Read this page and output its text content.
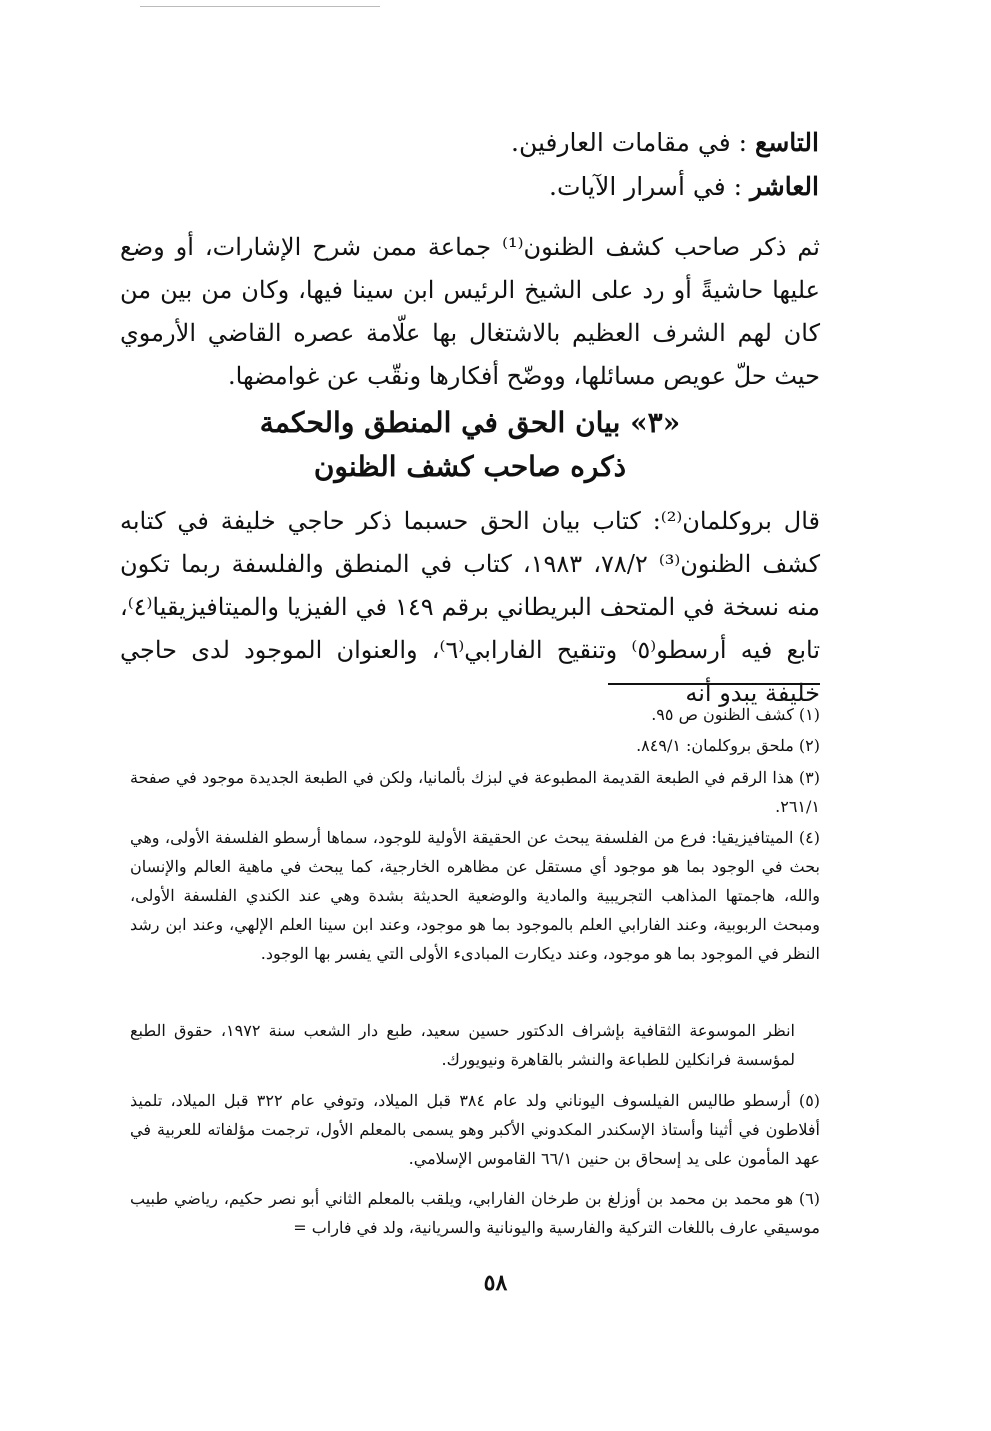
التاسع : في مقامات العارفين.
العاشر : في أسرار الآيات.
ثم ذكر صاحب كشف الظنون⁽¹⁾ جماعة ممن شرح الإشارات، أو وضع عليها حاشيةً أو رد على الشيخ الرئيس ابن سينا فيها، وكان من بين من كان لهم الشرف العظيم بالاشتغال بها علّامة عصره القاضي الأرموي حيث حلّ عويص مسائلها، ووضّح أفكارها ونقّب عن غوامضها.
«٣» بيان الحق في المنطق والحكمة
ذكره صاحب كشف الظنون
قال بروكلمان⁽²⁾: كتاب بيان الحق حسبما ذكر حاجي خليفة في كتابه كشف الظنون⁽³⁾ ٧٨/٢، ١٩٨٣، كتاب في المنطق والفلسفة ربما تكون منه نسخة في المتحف البريطاني برقم ١٤٩ في الفيزيا والميتافيزيقيا⁽٤⁾، تابع فيه أرسطو⁽٥⁾ وتنقيح الفارابي⁽٦⁾، والعنوان الموجود لدى حاجي خليفة يبدو أنه
(١) كشف الظنون ص ٩٥.
(٢) ملحق بروكلمان: ٨٤٩/١.
(٣) هذا الرقم في الطبعة القديمة المطبوعة في لبزك بألمانيا، ولكن في الطبعة الجديدة موجود في صفحة ٢٦١/١.
(٤) الميتافيزيقيا: فرع من الفلسفة يبحث عن الحقيقة الأولية للوجود، سماها أرسطو الفلسفة الأولى، وهي بحث في الوجود بما هو موجود أي مستقل عن مظاهره الخارجية، كما يبحث في ماهية العالم والإنسان والله، هاجمتها المذاهب التجريبية والمادية والوضعية الحديثة بشدة وهي عند الكندي الفلسفة الأولى، ومبحث الربوبية، وعند الفارابي العلم بالموجود بما هو موجود، وعند ابن سينا العلم الإلهي، وعند ابن رشد النظر في الموجود بما هو موجود، وعند ديكارت المبادىء الأولى التي يفسر بها الوجود.
انظر الموسوعة الثقافية بإشراف الدكتور حسين سعيد، طبع دار الشعب سنة ١٩٧٢، حقوق الطبع لمؤسسة فرانكلين للطباعة والنشر بالقاهرة ونيويورك.
(٥) أرسطو طاليس الفيلسوف اليوناني ولد عام ٣٨٤ قبل الميلاد، وتوفي عام ٣٢٢ قبل الميلاد، تلميذ أفلاطون في أثينا وأستاذ الإسكندر المكدوني الأكبر وهو يسمى بالمعلم الأول، ترجمت مؤلفاته للعربية في عهد المأمون على يد إسحاق بن حنين ٦٦/١ القاموس الإسلامي.
(٦) هو محمد بن محمد بن أوزلغ بن طرخان الفارابي، ويلقب بالمعلم الثاني أبو نصر حكيم، رياضي طبيب موسيقي عارف باللغات التركية والفارسية واليونانية والسريانية، ولد في فاراب =
٥٨
